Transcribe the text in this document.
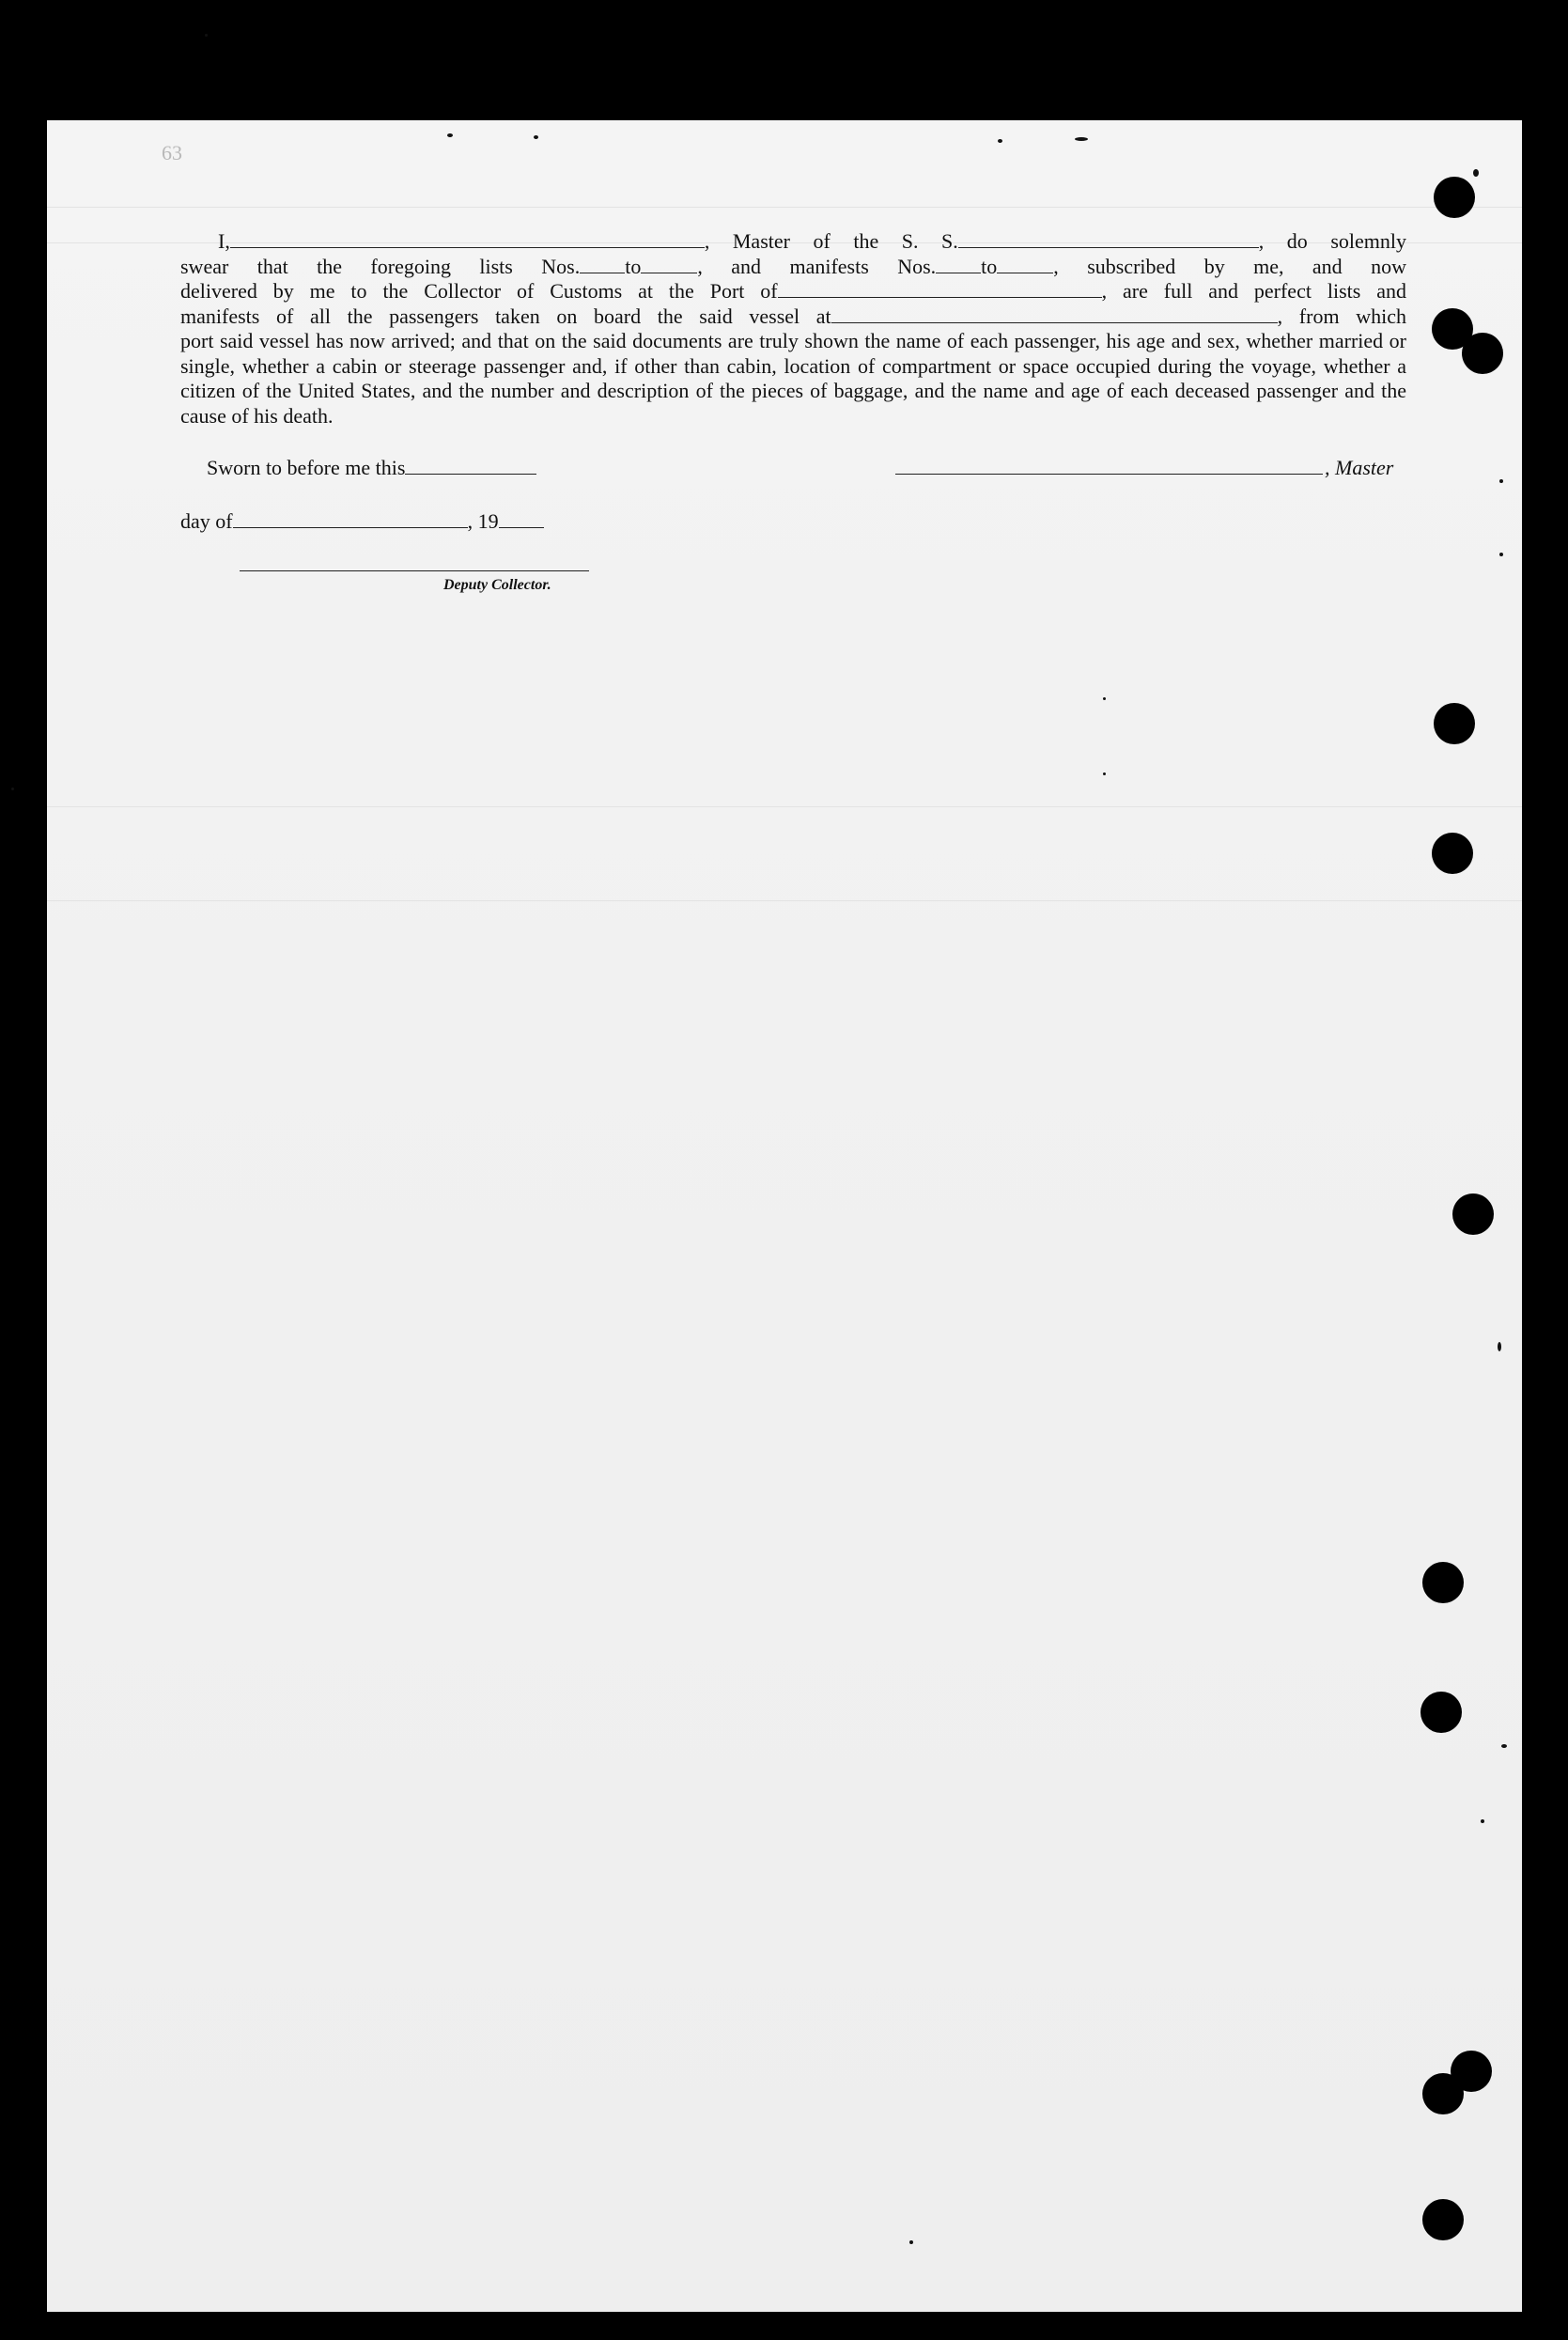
63
I,	, Master of the S. S.	, do solemnly
swear that the foregoing lists Nos. to	, and manifests Nos. to	, subscribed by me, and now
delivered by me to the Collector of Customs at the Port of	, are full and perfect lists and
manifests of all the passengers taken on board the said vessel at	, from which
port said vessel has now arrived; and that on the said documents are truly shown the name of each passenger, his age and sex, whether married or single, whether a cabin or steerage passenger and, if other than cabin, location of compartment or space occupied during the voyage, whether a citizen of the United States, and the number and description of the pieces of baggage, and the name and age of each deceased passenger and the cause of his death.
Sworn to before me this	, Master
day of	, 19
Deputy Collector.
